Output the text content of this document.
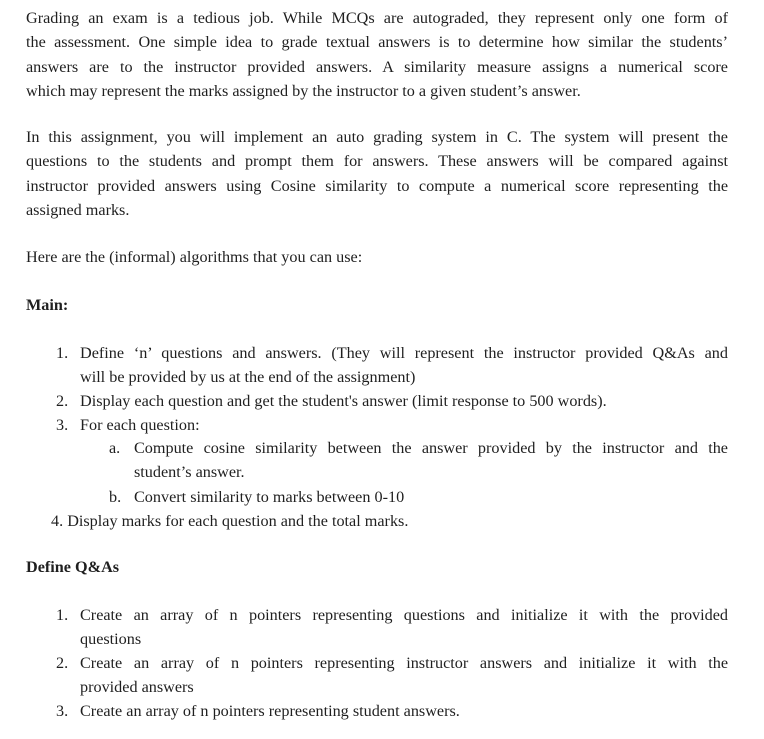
Grading an exam is a tedious job. While MCQs are autograded, they represent only one form of
the assessment. One simple idea to grade textual answers is to determine how similar the students’
answers are to the instructor provided answers. A similarity measure assigns a numerical score
which may represent the marks assigned by the instructor to a given student’s answer.
In this assignment, you will implement an auto grading system in C. The system will present the
questions to the students and prompt them for answers. These answers will be compared against
instructor provided answers using Cosine similarity to compute a numerical score representing the
assigned marks.
Here are the (informal) algorithms that you can use:
Main:
1. Define ‘n’ questions and answers. (They will represent the instructor provided Q&As and
will be provided by us at the end of the assignment)
2. Display each question and get the student's answer (limit response to 500 words).
3. For each question:
a. Compute cosine similarity between the answer provided by the instructor and the
student’s answer.
b. Convert similarity to marks between 0-10
4. Display marks for each question and the total marks.
Define Q&As
1. Create an array of n pointers representing questions and initialize it with the provided
questions
2. Create an array of n pointers representing instructor answers and initialize it with the
provided answers
3. Create an array of n pointers representing student answers.
